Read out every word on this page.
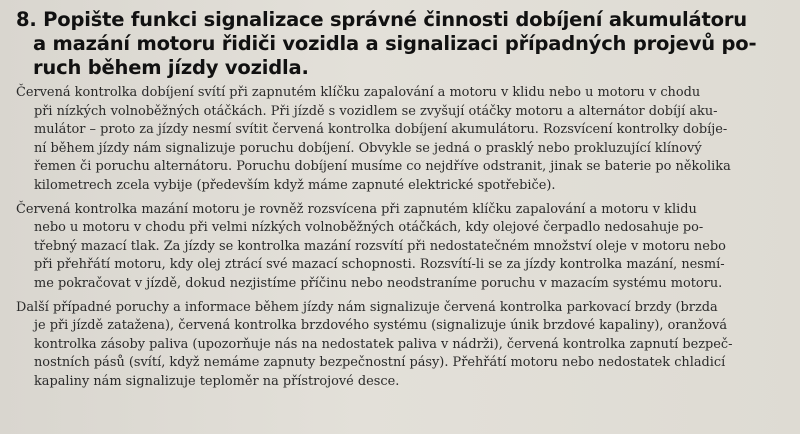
8. Popište funkci signalizace správné činnosti dobíjení akumulátoru
a mazání motoru řidiči vozidla a signalizaci případných projevů po-
ruch během jízdy vozidla.

Červená kontrolka dobíjení svítí při zapnutém klíčku zapalování a motoru v klidu nebo u motoru v chodu
při nízkých volnoběžných otáčkách. Při jízdě s vozidlem se zvyšují otáčky motoru a alternátor dobíjí aku-
mulátor – proto za jízdy nesmí svítit červená kontrolka dobíjení akumulátoru. Rozsvícení kontrolky dobíje-
ní během jízdy nám signalizuje poruchu dobíjení. Obvykle se jedná o prasklý nebo prokluzující klínový
řemen či poruchu alternátoru. Poruchu dobíjení musíme co nejdříve odstranit, jinak se baterie po několika
kilometrech zcela vybije (především když máme zapnuté elektrické spotřebiče).

Červená kontrolka mazání motoru je rovněž rozsvícena při zapnutém klíčku zapalování a motoru v klidu
nebo u motoru v chodu při velmi nízkých volnoběžných otáčkách, kdy olejové čerpadlo nedosahuje po-
třebný mazací tlak. Za jízdy se kontrolka mazání rozsvítí při nedostatečném množství oleje v motoru nebo
při přehřátí motoru, kdy olej ztrácí své mazací schopnosti. Rozsvítí-li se za jízdy kontrolka mazání, nesmí-
me pokračovat v jízdě, dokud nezjistíme příčinu nebo neodstraníme poruchu v mazacím systému motoru.

Další případné poruchy a informace během jízdy nám signalizuje červená kontrolka parkovací brzdy (brzda
je při jízdě zatažena), červená kontrolka brzdového systému (signalizuje únik brzdové kapaliny), oranžová
kontrolka zásoby paliva (upozorňuje nás na nedostatek paliva v nádrži), červená kontrolka zapnutí bezpeč-
nostních pásů (svítí, když nemáme zapnuty bezpečnostní pásy). Přehřátí motoru nebo nedostatek chladicí
kapaliny nám signalizuje teploměr na přístrojové desce.
